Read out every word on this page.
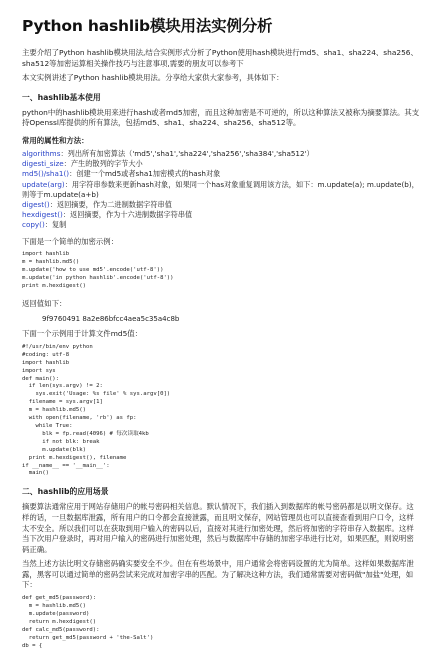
Python hashlib模块用法实例分析
主要介绍了Python hashlib模块用法,结合实例形式分析了Python使用hash模块进行md5、sha1、sha224、sha256、sha512等加密运算相关操作技巧与注意事项,需要的朋友可以参考下
本文实例讲述了Python hashlib模块用法。分享给大家供大家参考，具体如下：
一、hashlib基本使用
python中的hashlib模块用来进行hash或者md5加密，而且这种加密是不可逆的，所以这种算法又被称为摘要算法。其支持Openssl库提供的所有算法，包括md5、sha1、sha224、sha256、sha512等。
常用的属性和方法：
algorithms：列出所有加密算法（'md5','sha1','sha224','sha256','sha384','sha512'）
digesti_size：产生的散列的字节大小
md5()/sha1()：创建一个md5或者sha1加密模式的hash对象
update(arg)：用字符串参数来更新hash对象，如果同一个has对象重复调用该方法，如下：m.update(a); m.update(b)，则等于m.update(a+b)
digest()：返回摘要，作为二进制数据字符串值
hexdigest()：返回摘要，作为十六进制数据字符串值
copy()：复制
下面是一个简单的加密示例：
import hashlib
m = hashlib.md5()
m.update('how to use md5'.encode('utf-8'))
m.update('in python hashlib'.encode('utf-8'))
print m.hexdigest()
返回值如下：
9f9760491 8a2e86bfcc4aea5c35a4c8b
下面一个示例用于计算文件md5值：
#!/usr/bin/env python
#coding: utf-8
import hashlib
import sys
def main():
if len(sys.argv) != 2:
sys.exit('Usage: %s file' % sys.argv[0])
filename = sys.argv[1]
m = hashlib.md5()
with open(filename, 'rb') as fp:
while True:
blk = fp.read(4096) # 每次读取4kb
if not blk: break
m.update(blk)
print m.hexdigest(), filename
if __name__ == '__main__':
main()
二、hashlib的应用场景
摘要算法通常应用于网站存储用户的帐号密码相关信息。默认情况下，我们插入到数据库的帐号密码都是以明文保存。这样的话，一旦数据库泄露，所有用户的口令都会直接泄露，而且明文保存，网站管理员也可以直接查看到用户口令，这样太不安全。所以我们可以在获取到用户输入的密码以后，直接对其进行加密处理，然后将加密的字符串存入数据库。这样当下次用户登录时，再对用户输入的密码进行加密处理，然后与数据库中存储的加密字串进行比对，如果匹配，则说明密码正确。
当然上述方法比明文存储密码确实要安全不少。但在有些场景中，用户通常会将密码设置的尤为简单。这样如果数据库泄露，黑客可以通过简单的密码尝试来完成对加密字串的匹配。为了解决这种方法，我们通常需要对密码做"加盐"处理，如下：
def get_md5(password):
m = hashlib.md5()
m.update(password)
return m.hexdigest()
def calc_md5(password):
return get_md5(password + 'the-Salt')
db = {
